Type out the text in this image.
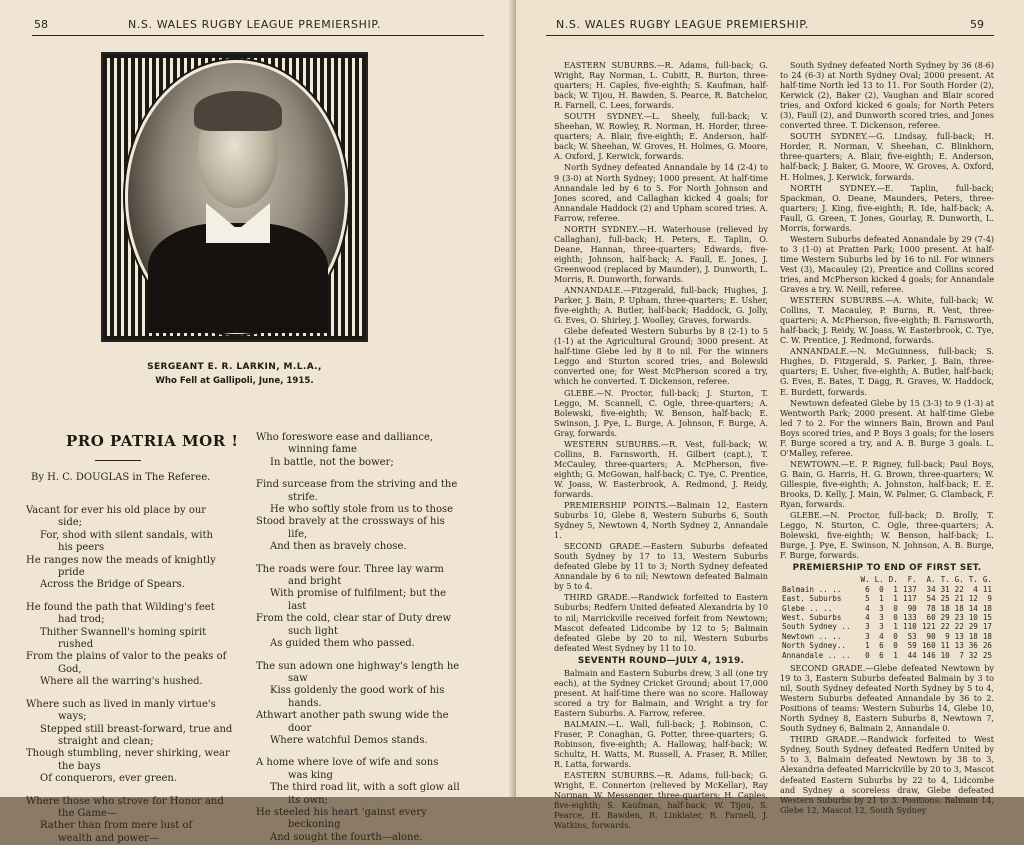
58	N.S. WALES RUGBY LEAGUE PREMIERSHIP.
SERGEANT E. R. LARKIN, M.L.A.,
Who Fell at Gallipoli, June, 1915.
PRO PATRIA MOR !
By H. C. DOUGLAS in The Referee.
Vacant for ever his old place by our
side;
For, shod with silent sandals, with
his peers
He ranges now the meads of knightly
pride
Across the Bridge of Spears.
He found the path that Wilding's feet
had trod;
Thither Swannell's homing spirit
rushed
From the plains of valor to the peaks of
God,
Where all the warring's hushed.
Where such as lived in manly virtue's
ways;
Stepped still breast-forward, true and
straight and clean;
Though stumbling, never shirking, wear
the bays
Of conquerors, ever green.
Where those who strove for Honor and
the Game—
Rather than from mere lust of
wealth and power—
Who foreswore ease and dalliance,
winning fame
In battle, not the bower;
Find surcease from the striving and the
strife.
He who softly stole from us to those
Stood bravely at the crossways of his
life,
And then as bravely chose.
The roads were four. Three lay warm
and bright
With promise of fulfilment; but the
last
From the cold, clear star of Duty drew
such light
As guided them who passed.
The sun adown one highway's length he
saw
Kiss goldenly the good work of his
hands.
Athwart another path swung wide the
door
Where watchful Demos stands.
A home where love of wife and sons
was king
The third road lit, with a soft glow all
its own;
He steeled his heart 'gainst every
beckoning
And sought the fourth—alone.
N.S. WALES RUGBY LEAGUE PREMIERSHIP.	59

EASTERN SUBURBS.—R. Adams, full-back; G. Wright, Ray Norman, L. Cubitt, R. Burton, three-quarters; H. Caples, five-eighth; S. Kaufman, half-back; W. Tijou, H. Bawden, S. Pearce, R. Batchelor, R. Farnell, C. Lees, forwards.

SOUTH SYDNEY.—L. Sheely, full-back; V. Sheehan, W. Rowley, R. Norman, H. Horder, three-quarters; A. Blair, five-eighth; E. Anderson, half-back; W. Sheehan, W. Groves, H. Holmes, G. Moore, A. Oxford, J. Kerwick, forwards.

North Sydney defeated Annandale by 14 (2-4) to 9 (3-0) at North Sydney; 1000 present. At half-time Annandale led by 6 to 5. For North Johnson and Jones scored, and Callaghan kicked 4 goals; for Annandale Haddock (2) and Upham scored tries. A. Farrow, referee.

NORTH SYDNEY.—H. Waterhouse (relieved by Callaghan), full-back; H. Peters, E. Taplin, O. Deane, Hannan, three-quarters; Edwards, five-eighth; Johnson, half-back; A. Faull, E. Jones, J. Greenwood (replaced by Maunder), J. Dunworth, L. Morris, R. Dunworth, forwards.

ANNANDALE.—Fitzgerald, full-back; Hughes, J. Parker, J. Bain, P. Upham, three-quarters; E. Usher, five-eighth; A. Butler, half-back; Haddock, G. Jolly, G. Eves, O. Shirley, J. Woolley, Graves, forwards.

Glebe defeated Western Suburbs by 8 (2-1) to 5 (1-1) at the Agricultural Ground; 3000 present. At half-time Glebe led by 8 to nil. For the winners Leggo and Sturton scored tries, and Bolewski converted one; for West McPherson scored a try, which he converted. T. Dickenson, referee.

GLEBE.—N. Proctor, full-back; J. Sturton, T. Leggo, M. Scannell, C. Ogle, three-quarters; A. Bolewski, five-eighth; W. Benson, half-back; E. Swinson, J. Pye, L. Burge, A. Johnson, F. Burge, A. Gray, forwards.

WESTERN SUBURBS.—R. Vest, full-back; W. Collins, B. Farnsworth, H. Gilbert (capt.), T. McCauley, three-quarters; A. McPherson, five-eighth; G. McGowan, half-back; C. Tye, C. Prentice, W. Joass, W. Easterbrook, A. Redmond, J. Reidy, forwards.

PREMIERSHIP POINTS.—Balmain 12, Eastern Suburbs 10, Glebe 8, Western Suburbs 6, South Sydney 5, Newtown 4, North Sydney 2, Annandale 1.

SECOND GRADE.—Eastern Suburbs defeated South Sydney by 17 to 13, Western Suburbs defeated Glebe by 11 to 3; North Sydney defeated Annandale by 6 to nil; Newtown defeated Balmain by 5 to 4.

THIRD GRADE.—Randwick forfeited to Eastern Suburbs; Redfern United defeated Alexandria by 10 to nil; Marrickville received forfeit from Newtown; Mascot defeated Lidcombe by 12 to 5; Balmain defeated Glebe by 20 to nil, Western Suburbs defeated West Sydney by 11 to 10.

SEVENTH ROUND—JULY 4, 1919.

Balmain and Eastern Suburbs drew, 3 all (one try each), at the Sydney Cricket Ground; about 17,000 present. At half-time there was no score. Halloway scored a try for Balmain, and Wright a try for Eastern Suburbs. A. Farrow, referee.

BALMAIN.—L. Wall, full-back; J. Robinson, C. Fraser, P. Conaghan, G. Potter, three-quarters; G. Robinson, five-eighth; A. Halloway, half-back; W. Schultz, H. Watts, M. Russell, A. Fraser, R. Miller, R. Latta, forwards.

EASTERN SUBURBS.—R. Adams, full-back; G. Wright, E. Connerton (relieved by McKellar), Ray Norman, W. Messenger, three-quarters; H. Caples, five-eighth; S. Kaufman, half-back; W. Tijou, S. Pearce, H. Bawden, R. Linklater, R. Farnell, J. Watkins, forwards.

South Sydney defeated North Sydney by 36 (8-6) to 24 (6-3) at North Sydney Oval; 2000 present. At half-time North led 13 to 11. For South Horder (2), Kerwick (2), Baker (2), Vaughan and Blair scored tries, and Oxford kicked 6 goals; for North Peters (3), Faull (2), and Dunworth scored tries, and Jones converted three. T. Dickenson, referee.

SOUTH SYDNEY.—G. Lindsay, full-back; H. Horder, R. Norman, V. Sheehan, C. Blinkhorn, three-quarters; A. Blair, five-eighth; E. Anderson, half-back; J. Baker, G. Moore, W. Groves, A. Oxford, H. Holmes, J. Kerwick, forwards.

NORTH SYDNEY.—E. Taplin, full-back; Spackman, O. Deane, Maunders, Peters, three-quarters; J. King, five-eighth; R. Ide, half-back; A. Faull, G. Green, T. Jones, Gourlay, R. Dunworth, L. Morris, forwards.

Western Suburbs defeated Annandale by 29 (7-4) to 3 (1-0) at Pratten Park; 1000 present. At half-time Western Suburbs led by 16 to nil. For winners Vest (3), Macauley (2), Prentice and Collins scored tries, and McPherson kicked 4 goals; for Annandale Graves a try. W. Neill, referee.

WESTERN SUBURBS.—A. White, full-back; W. Collins, T. Macauley, P. Burns, R. Vest, three-quarters; A. McPherson, five-eighth; B. Farnsworth, half-back; J. Reidy, W. Joass, W. Easterbrook, C. Tye, C. W. Prentice, J. Redmond, forwards.

ANNANDALE.—N. McGuinness, full-back; S. Hughes, D. Fitzgerald, S. Parker, J. Bain, three-quarters; E. Usher, five-eighth; A. Butler, half-back; G. Eves, E. Bates, T. Dagg, R. Graves, W. Haddock, E. Burdett, forwards.

Newtown defeated Glebe by 15 (3-3) to 9 (1-3) at Wentworth Park; 2000 present. At half-time Glebe led 7 to 2. For the winners Bain, Brown and Paul Boys scored tries, and P. Boys 3 goals; for the losers F. Burge scored a try, and A. B. Burge 3 goals. L. O'Malley, referee.

NEWTOWN.—E. P. Rigney, full-back; Paul Boys, G. Bain, G. Harris, H. G. Brown, three-quarters; W. Gillespie, five-eighth; A. Johnston, half-back; E. E. Brooks, D. Kelly, J. Main, W. Palmer, G. Clamback, F. Ryan, forwards.

GLEBE.—N. Proctor, full-back; D. Brolly, T. Leggo, N. Sturton, C. Ogle, three-quarters; A. Bolewski, five-eighth; W. Benson, half-back; L. Burge, J. Pye, E. Swinson, N. Johnson, A. B. Burge, F. Burge, forwards.

PREMIERSHIP TO END OF FIRST SET.
	W.	L.	D.	F.	A.	T.	G.	T.	G.
Balmain .. ..	6	0	1	137	34	31	22	4	11
East. Suburbs	5	1	1	117	54	25	21	12	9
Glebe .. ..	4	3	0	90	78	18	18	14	18
West. Suburbs	4	3	0	133	60	29	23	10	15
South Sydney ..	3	3	1	110	121	22	22	29	17
Newtown .. ..	3	4	0	53	90	9	13	18	18
North Sydney..	1	6	0	59	160	11	13	36	26
Annandale .. ..	0	6	1	44	146	10	7	32	25

SECOND GRADE.—Glebe defeated Newtown by 19 to 3, Eastern Suburbs defeated Balmain by 3 to nil, South Sydney defeated North Sydney by 5 to 4, Western Suburbs defeated Annandale by 36 to 2. Positions of teams: Western Suburbs 14, Glebe 10, North Sydney 8, Eastern Suburbs 8, Newtown 7, South Sydney 6, Balmain 2, Annandale 0.

THIRD GRADE.—Randwick forfeited to West Sydney, South Sydney defeated Redfern United by 5 to 3, Balmain defeated Newtown by 38 to 3, Alexandria defeated Marrickville by 20 to 3, Mascot defeated Eastern Suburbs by 22 to 4, Lidcombe and Sydney a scoreless draw, Glebe defeated Western Suburbs by 21 to 3. Positions: Balmain 14, Glebe 12, Mascot 12, South Sydney
